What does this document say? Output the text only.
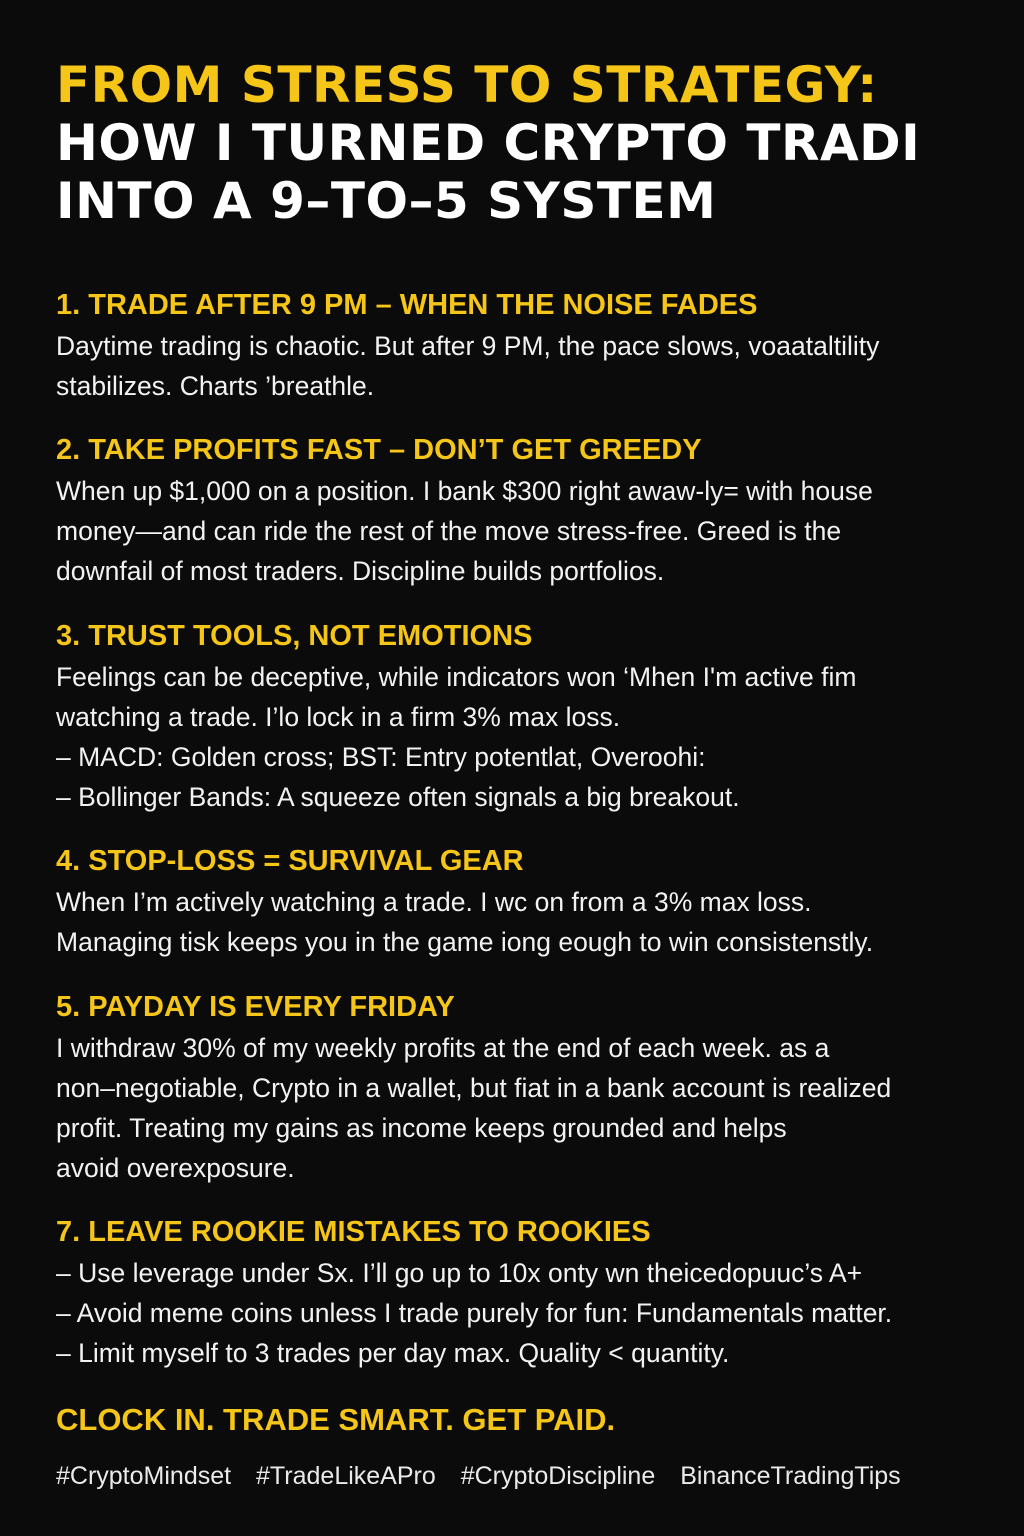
FROM STRESS TO STRATEGY:
HOW I TURNED CRYPTO TRADI
INTO A 9–TO–5 SYSTEM
1. TRADE AFTER 9 PM – WHEN THE NOISE FADES
Daytime trading is chaotic. But after 9 PM, the pace slows, voaataltility
stabilizes. Charts ’breathle.
2. TAKE PROFITS FAST – DON’T GET GREEDY
When up $1,000 on a position. I bank $300 right awaw-ly= with house
money—and can ride the rest of the move stress-free. Greed is the
downfail of most traders. Discipline builds portfolios.
3. TRUST TOOLS, NOT EMOTIONS
Feelings can be deceptive, while indicators won ‘Mhen I'm active fim
watching a trade. I’lo lock in a firm 3% max loss.
– MACD: Golden cross; BST: Entry potentlat, Overoohi:
– Bollinger Bands: A squeeze often signals a big breakout.
4. STOP-LOSS = SURVIVAL GEAR
When I’m actively watching a trade. I wc on from a 3% max loss.
Managing tisk keeps you in the game iong eough to win consistenstly.
5. PAYDAY IS EVERY FRIDAY
I withdraw 30% of my weekly profits at the end of each week. as a
non–negotiable, Crypto in a wallet, but fiat in a bank account is realized
profit. Treating my gains as income keeps grounded and helps
avoid overexposure.
7. LEAVE ROOKIE MISTAKES TO ROOKIES
– Use leverage under Sx. I’ll go up to 10x onty wn theicedopuuc’s A+
– Avoid meme coins unless I trade purely for fun: Fundamentals matter.
– Limit myself to 3 trades per day max. Quality < quantity.
CLOCK IN. TRADE SMART. GET PAID.
#CryptoMindset #TradeLikeAPro #CryptoDiscipline BinanceTradingTips
